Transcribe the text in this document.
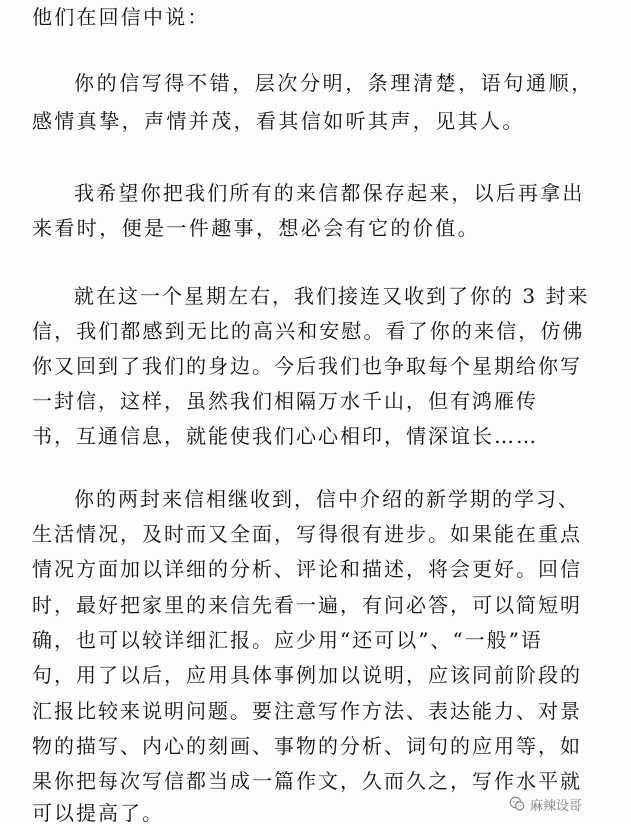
他们在回信中说：
你的信写得不错，层次分明，条理清楚，语句通顺，
感情真挚，声情并茂，看其信如听其声，见其人。
我希望你把我们所有的来信都保存起来，以后再拿出
来看时，便是一件趣事，想必会有它的价值。
就在这一个星期左右，我们接连又收到了你的 3 封来
信，我们都感到无比的高兴和安慰。看了你的来信，仿佛
你又回到了我们的身边。今后我们也争取每个星期给你写
一封信，这样，虽然我们相隔万水千山，但有鸿雁传
书，互通信息，就能使我们心心相印，情深谊长……
你的两封来信相继收到，信中介绍的新学期的学习、
生活情况，及时而又全面，写得很有进步。如果能在重点
情况方面加以详细的分析、评论和描述，将会更好。回信
时，最好把家里的来信先看一遍，有问必答，可以简短明
确，也可以较详细汇报。应少用“还可以”、“一般”语
句，用了以后，应用具体事例加以说明，应该同前阶段的
汇报比较来说明问题。要注意写作方法、表达能力、对景
物的描写、内心的刻画、事物的分析、词句的应用等，如
果你把每次写信都当成一篇作文，久而久之，写作水平就
可以提高了。	麻辣设哥
